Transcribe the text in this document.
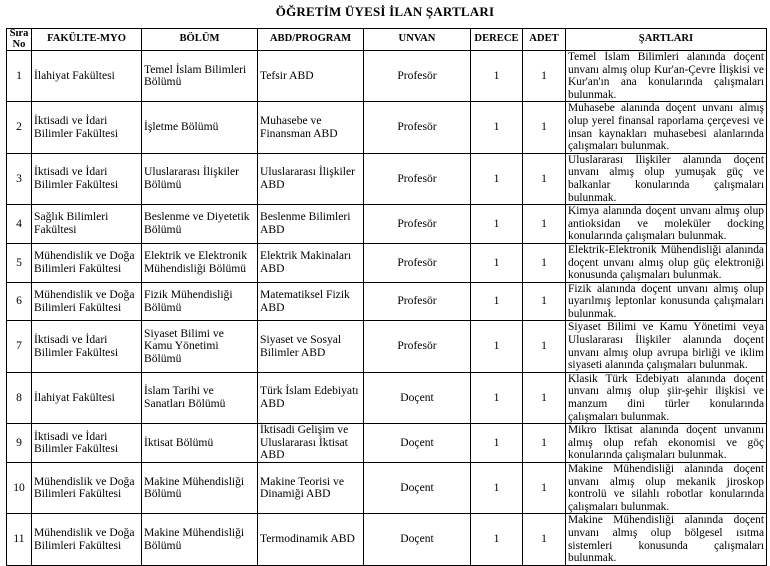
ÖĞRETİM ÜYESİ İLAN ŞARTLARI
Sıra No	FAKÜLTE-MYO	BÖLÜM	ABD/PROGRAM	UNVAN	DERECE	ADET	ŞARTLARI
1	İlahiyat Fakültesi	Temel İslam Bilimleri Bölümü	Tefsir ABD	Profesör	1	1	Temel İslam Bilimleri alanında doçent unvanı almış olup Kur'an-Çevre İlişkisi ve Kur'an'ın ana konularında çalışmaları bulunmak.
2	İktisadi ve İdari Bilimler Fakültesi	İşletme Bölümü	Muhasebe ve Finansman ABD	Profesör	1	1	Muhasebe alanında doçent unvanı almış olup yerel finansal raporlama çerçevesi ve insan kaynakları muhasebesi alanlarında çalışmaları bulunmak.
3	İktisadi ve İdari Bilimler Fakültesi	Uluslararası İlişkiler Bölümü	Uluslararası İlişkiler ABD	Profesör	1	1	Uluslararası İlişkiler alanında doçent unvanı almış olup yumuşak güç ve balkanlar konularında çalışmaları bulunmak.
4	Sağlık Bilimleri Fakültesi	Beslenme ve Diyetetik Bölümü	Beslenme Bilimleri ABD	Profesör	1	1	Kimya alanında doçent unvanı almış olup antioksidan ve moleküler docking konularında çalışmaları bulunmak.
5	Mühendislik ve Doğa Bilimleri Fakültesi	Elektrik ve Elektronik Mühendisliği Bölümü	Elektrik Makinaları ABD	Profesör	1	1	Elektrik-Elektronik Mühendisliği alanında doçent unvanı almış olup güç elektroniği konusunda çalışmaları bulunmak.
6	Mühendislik ve Doğa Bilimleri Fakültesi	Fizik Mühendisliği Bölümü	Matematiksel Fizik ABD	Profesör	1	1	Fizik alanında doçent unvanı almış olup uyarılmış leptonlar konusunda çalışmaları bulunmak.
7	İktisadi ve İdari Bilimler Fakültesi	Siyaset Bilimi ve Kamu Yönetimi Bölümü	Siyaset ve Sosyal Bilimler ABD	Profesör	1	1	Siyaset Bilimi ve Kamu Yönetimi veya Uluslararası İlişkiler alanında doçent unvanı almış olup avrupa birliği ve iklim siyaseti alanında çalışmaları bulunmak.
8	İlahiyat Fakültesi	İslam Tarihi ve Sanatları Bölümü	Türk İslam Edebiyatı ABD	Doçent	1	1	Klasik Türk Edebiyatı alanında doçent unvanı almış olup şiir-şehir ilişkisi ve manzum dini türler konularında çalışmaları bulunmak.
9	İktisadi ve İdari Bilimler Fakültesi	İktisat Bölümü	İktisadi Gelişim ve Uluslararası İktisat ABD	Doçent	1	1	Mikro İktisat alanında doçent unvanını almış olup refah ekonomisi ve göç konularında çalışmaları bulunmak.
10	Mühendislik ve Doğa Bilimleri Fakültesi	Makine Mühendisliği Bölümü	Makine Teorisi ve Dinamiği ABD	Doçent	1	1	Makine Mühendisliği alanında doçent unvanı almış olup mekanik jiroskop kontrolü ve silahlı robotlar konularında çalışmaları bulunmak.
11	Mühendislik ve Doğa Bilimleri Fakültesi	Makine Mühendisliği Bölümü	Termodinamik ABD	Doçent	1	1	Makine Mühendisliği alanında doçent unvanı almış olup bölgesel ısıtma sistemleri konusunda çalışmaları bulunmak.
